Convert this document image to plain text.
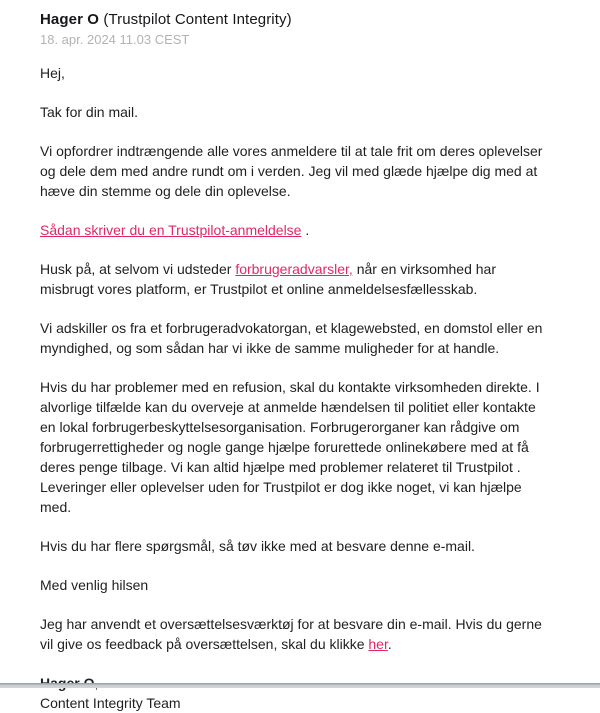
Hager O (Trustpilot Content Integrity)
18. apr. 2024 11.03 CEST

Hej,

Tak for din mail.

Vi opfordrer indtrængende alle vores anmeldere til at tale frit om deres oplevelser og dele dem med andre rundt om i verden. Jeg vil med glæde hjælpe dig med at hæve din stemme og dele din oplevelse.

Sådan skriver du en Trustpilot-anmeldelse .

Husk på, at selvom vi udsteder forbrugeradvarsler, når en virksomhed har misbrugt vores platform, er Trustpilot et online anmeldelsesfællesskab.

Vi adskiller os fra et forbrugeradvokatorgan, et klagewebsted, en domstol eller en myndighed, og som sådan har vi ikke de samme muligheder for at handle.

Hvis du har problemer med en refusion, skal du kontakte virksomheden direkte. I alvorlige tilfælde kan du overveje at anmelde hændelsen til politiet eller kontakte en lokal forbrugerbeskyttelsesorganisation. Forbrugerorganer kan rådgive om forbrugerrettigheder og nogle gange hjælpe forurettede onlinekøbere med at få deres penge tilbage. Vi kan altid hjælpe med problemer relateret til Trustpilot . Leveringer eller oplevelser uden for Trustpilot er dog ikke noget, vi kan hjælpe med.

Hvis du har flere spørgsmål, så tøv ikke med at besvare denne e-mail.

Med venlig hilsen

Jeg har anvendt et oversættelsesværktøj for at besvare din e-mail. Hvis du gerne vil give os feedback på oversættelsen, skal du klikke her.

Content Integrity Team
